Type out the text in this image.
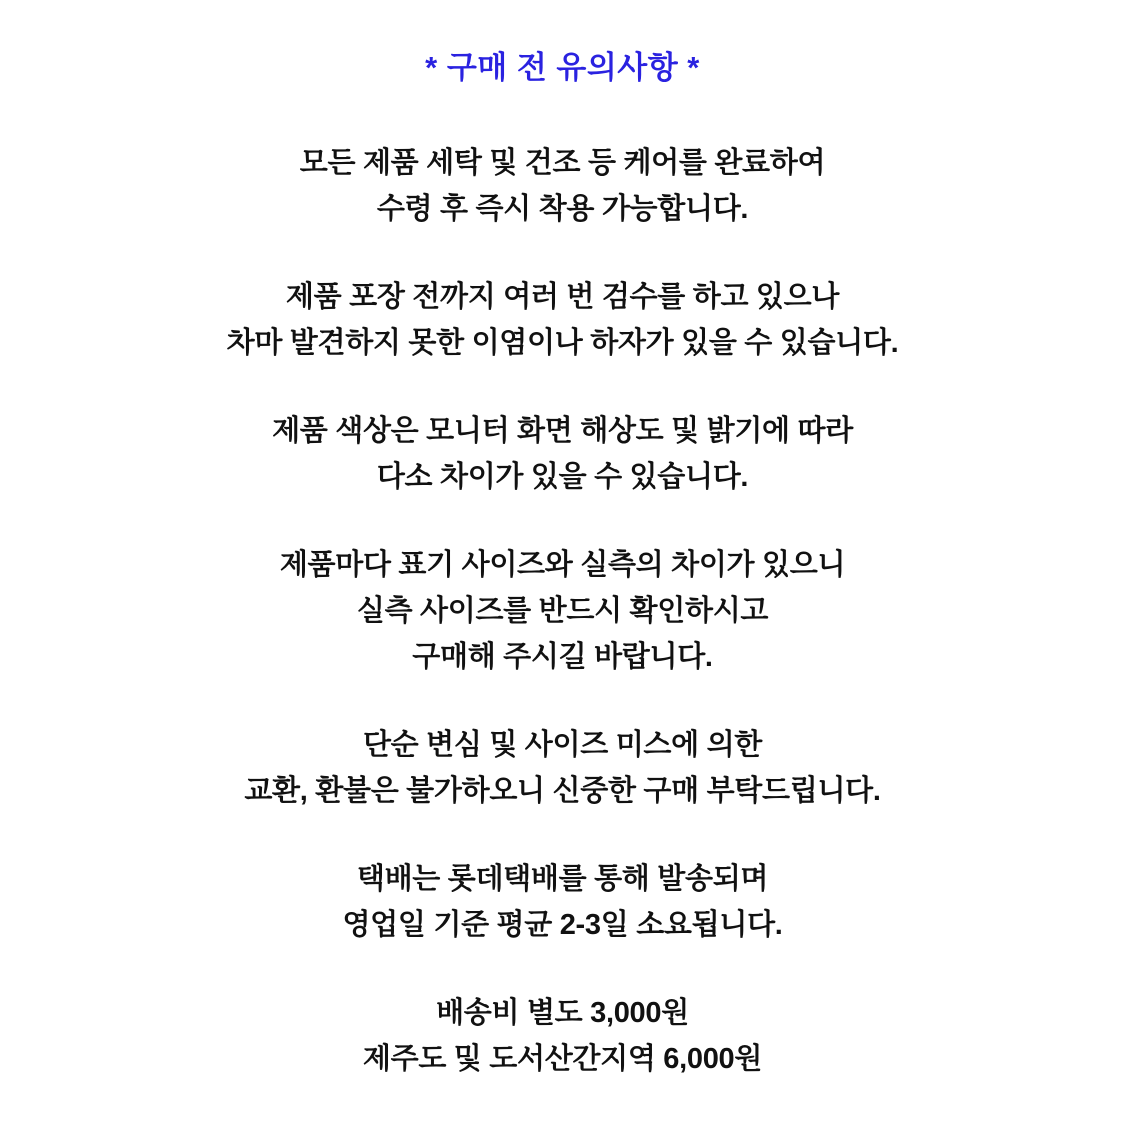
* 구매 전 유의사항 *
모든 제품 세탁 및 건조 등 케어를 완료하여
수령 후 즉시 착용 가능합니다.
제품 포장 전까지 여러 번 검수를 하고 있으나
차마 발견하지 못한 이염이나 하자가 있을 수 있습니다.
제품 색상은 모니터 화면 해상도 및 밝기에 따라
다소 차이가 있을 수 있습니다.
제품마다 표기 사이즈와 실측의 차이가 있으니
실측 사이즈를 반드시 확인하시고
구매해 주시길 바랍니다.
단순 변심 및 사이즈 미스에 의한
교환, 환불은 불가하오니 신중한 구매 부탁드립니다.
택배는 롯데택배를 통해 발송되며
영업일 기준 평균 2-3일 소요됩니다.
배송비 별도 3,000원
제주도 및 도서산간지역 6,000원
